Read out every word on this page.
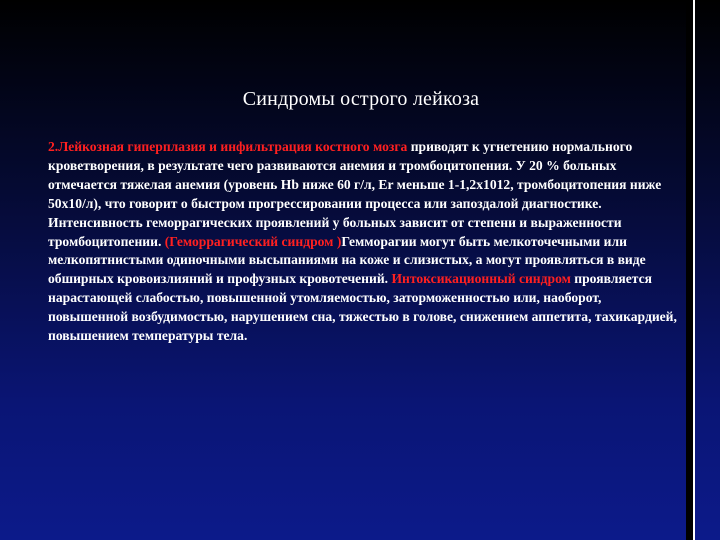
Синдромы острого лейкоза

2.Лейкозная гиперплазия и инфильтрация костного мозга приводят к угнетению нормального кроветворения, в результате чего развиваются анемия и тромбоцитопения. У 20 % больных отмечается тяжелая анемия (уровень Hb ниже 60 г/л, Er меньше 1-1,2х1012, тромбоцитопения ниже 50х10/л), что говорит о быстром прогрессировании процесса или запоздалой диагностике. Интенсивность геморрагических проявлений у больных зависит от степени и выраженности тромбоцитопении. (Геморрагический синдром )Геммoрагии могут быть мелкоточечными или мелкопятнистыми одиночными высыпаниями на коже и слизистых, а могут проявляться в виде обширных кровоизлияний и профузных кровотечений. Интоксикационный синдром проявляется нарастающей слабостью, повышенной утомляемостью, заторможенностью или, наоборот, повышенной возбудимостью, нарушением сна, тяжестью в голове, снижением аппетита, тахикардией, повышением температуры тела.
